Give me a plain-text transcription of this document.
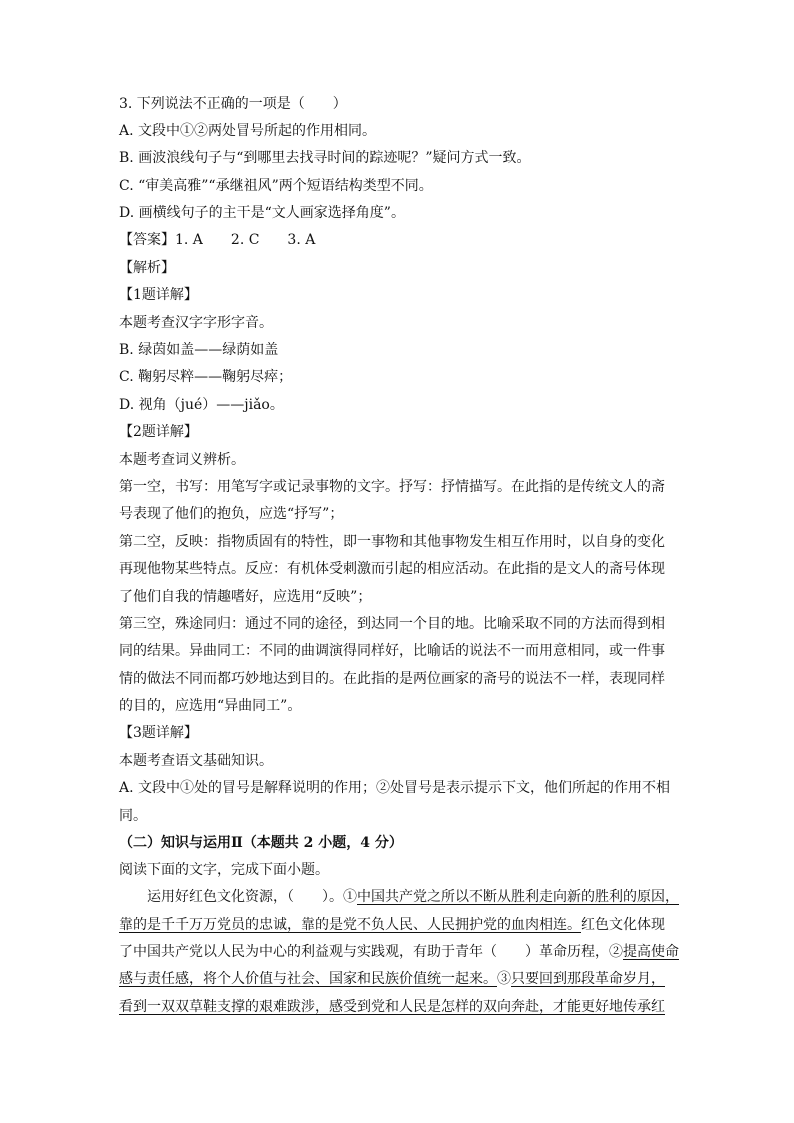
3. 下列说法不正确的一项是（　　）
A. 文段中①②两处冒号所起的作用相同。
B. 画波浪线句子与“到哪里去找寻时间的踪迹呢？”疑问方式一致。
C. “审美高雅”“承继祖风”两个短语结构类型不同。
D. 画横线句子的主干是“文人画家选择角度”。
【答案】1. A　　2. C　　3. A
【解析】
【1题详解】
本题考查汉字字形字音。
B. 绿茵如盖——绿荫如盖
C. 鞠躬尽粹——鞠躬尽瘁；
D. 视角（jué）——jiǎo。
【2题详解】
本题考查词义辨析。
第一空，书写：用笔写字或记录事物的文字。抒写：抒情描写。在此指的是传统文人的斋
号表现了他们的抱负，应选“抒写”；
第二空，反映：指物质固有的特性，即一事物和其他事物发生相互作用时，以自身的变化
再现他物某些特点。反应：有机体受刺激而引起的相应活动。在此指的是文人的斋号体现
了他们自我的情趣嗜好，应选用“反映”；
第三空，殊途同归：通过不同的途径，到达同一个目的地。比喻采取不同的方法而得到相
同的结果。异曲同工：不同的曲调演得同样好，比喻话的说法不一而用意相同，或一件事
情的做法不同而都巧妙地达到目的。在此指的是两位画家的斋号的说法不一样，表现同样
的目的，应选用“异曲同工”。
【3题详解】
本题考查语文基础知识。
A. 文段中①处的冒号是解释说明的作用；②处冒号是表示提示下文，他们所起的作用不相
同。
（二）知识与运用Ⅱ（本题共 2 小题，4 分）
阅读下面的文字，完成下面小题。
运用好红色文化资源，（　　）。①中国共产党之所以不断从胜利走向新的胜利的原因，
靠的是千千万万党员的忠诚，靠的是党不负人民、人民拥护党的血肉相连。红色文化体现
了中国共产党以人民为中心的利益观与实践观，有助于青年（　　）革命历程，②提高使命
感与责任感，将个人价值与社会、国家和民族价值统一起来。③只要回到那段革命岁月，
看到一双双草鞋支撑的艰难跋涉，感受到党和人民是怎样的双向奔赴，才能更好地传承红
